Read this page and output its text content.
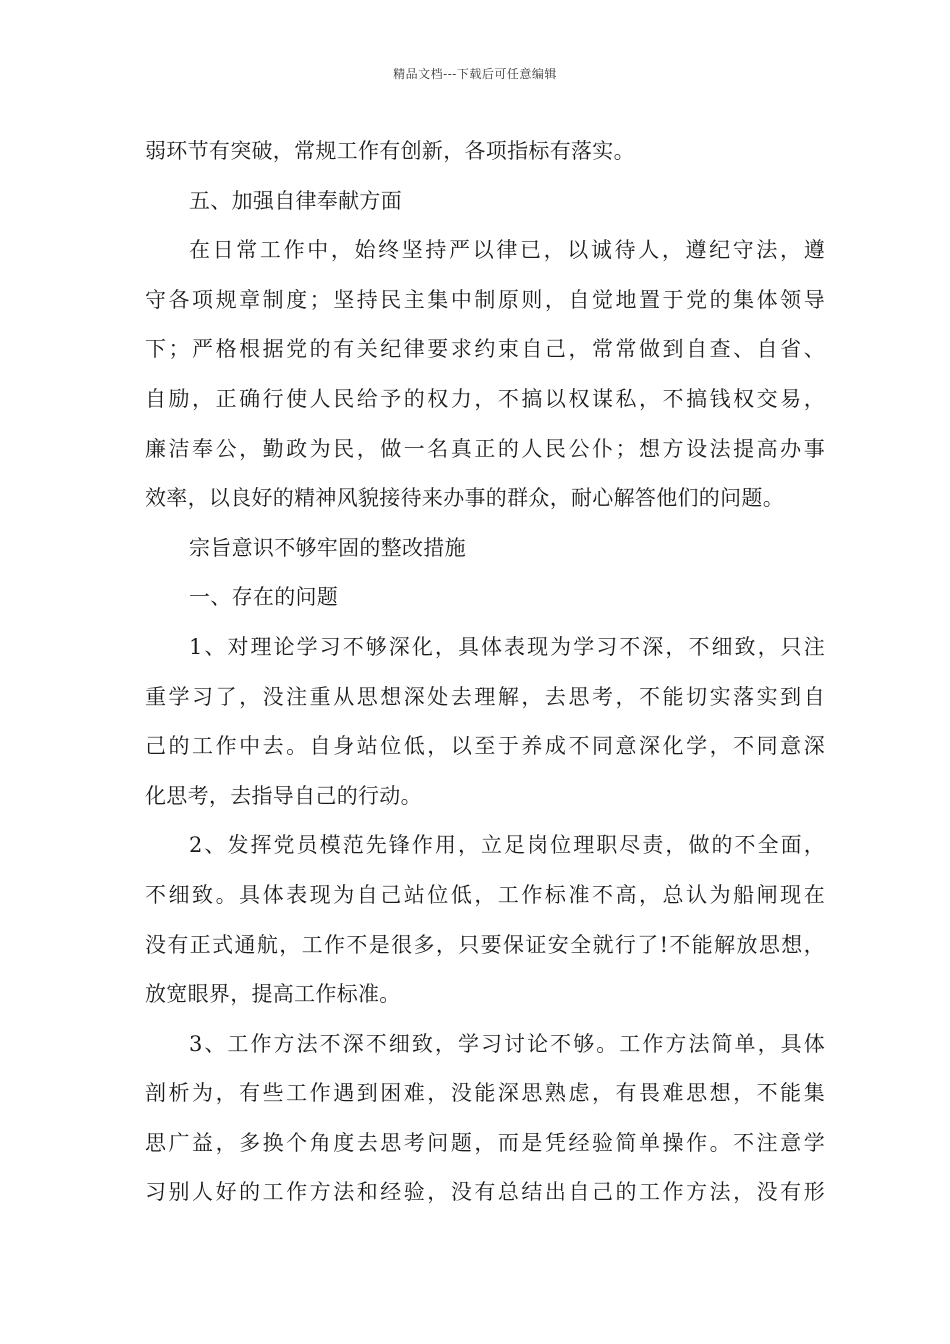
精品文档---下载后可任意编辑
弱环节有突破，常规工作有创新，各项指标有落实。
五、加强自律奉献方面
在日常工作中，始终坚持严以律已，以诚待人，遵纪守法，遵
守各项规章制度；坚持民主集中制原则，自觉地置于党的集体领导
下；严格根据党的有关纪律要求约束自己，常常做到自查、自省、
自励，正确行使人民给予的权力，不搞以权谋私，不搞钱权交易，
廉洁奉公，勤政为民，做一名真正的人民公仆；想方设法提高办事
效率，以良好的精神风貌接待来办事的群众，耐心解答他们的问题。
宗旨意识不够牢固的整改措施
一、存在的问题
1、对理论学习不够深化，具体表现为学习不深，不细致，只注
重学习了，没注重从思想深处去理解，去思考，不能切实落实到自
己的工作中去。自身站位低，以至于养成不同意深化学，不同意深
化思考，去指导自己的行动。
2、发挥党员模范先锋作用，立足岗位理职尽责，做的不全面，
不细致。具体表现为自己站位低，工作标准不高，总认为船闸现在
没有正式通航，工作不是很多，只要保证安全就行了!不能解放思想，
放宽眼界，提高工作标准。
3、工作方法不深不细致，学习讨论不够。工作方法简单，具体
剖析为，有些工作遇到困难，没能深思熟虑，有畏难思想，不能集
思广益，多换个角度去思考问题，而是凭经验简单操作。不注意学
习别人好的工作方法和经验，没有总结出自己的工作方法，没有形
